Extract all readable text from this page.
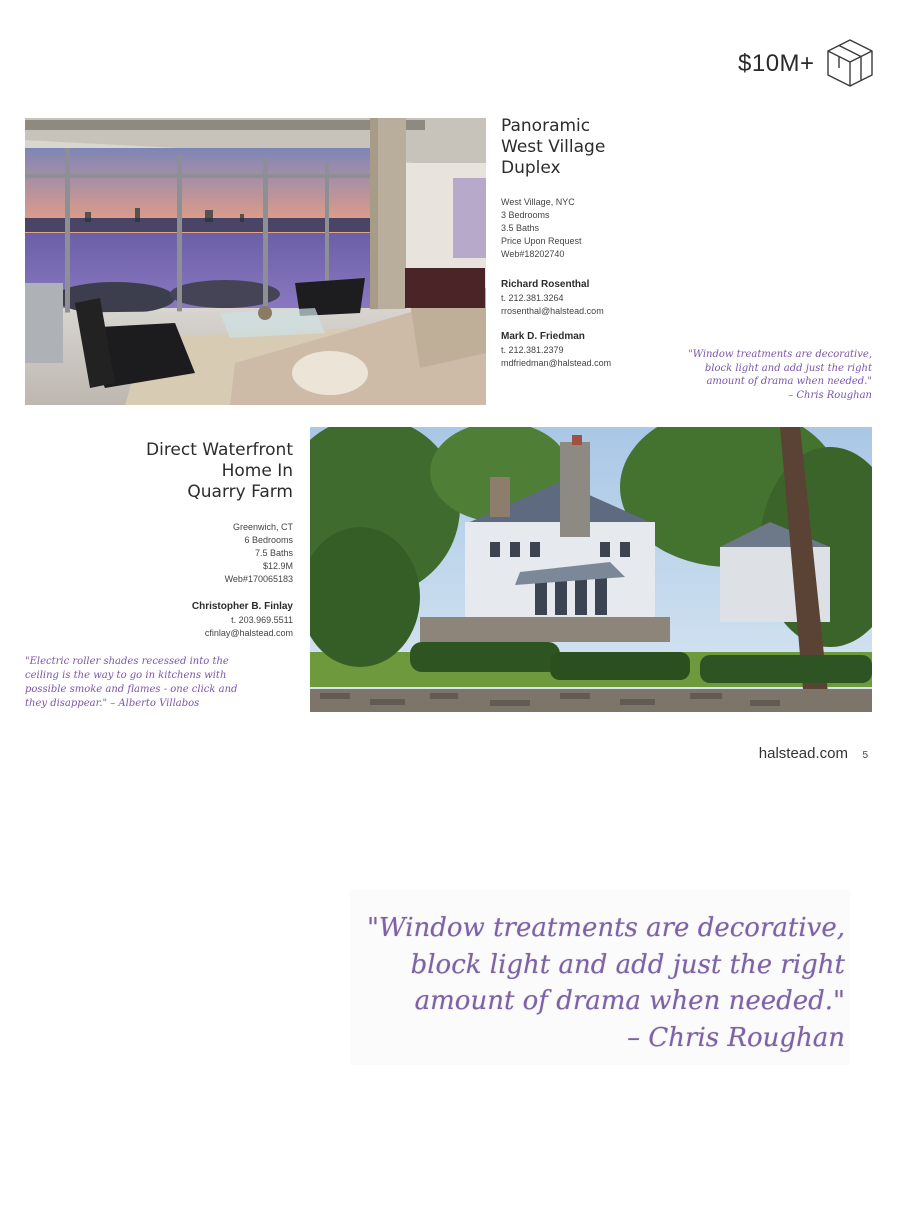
$10M+
Panoramic
West Village
Duplex
West Village, NYC
3 Bedrooms
3.5 Baths
Price Upon Request
Web#18202740
Richard Rosenthal
t. 212.381.3264
rrosenthal@halstead.com
Mark D. Friedman
t. 212.381.2379
mdfriedman@halstead.com
"Window treatments are decorative,
block light and add just the right
amount of drama when needed."
– Chris Roughan
Direct Waterfront
Home In
Quarry Farm
Greenwich, CT
6 Bedrooms
7.5 Baths
$12.9M
Web#170065183
Christopher B. Finlay
t. 203.969.5511
cfinlay@halstead.com
"Electric roller shades recessed into the
ceiling is the way to go in kitchens with
possible smoke and flames - one click and
they disappear." – Alberto Villabos
halstead.com 5
"Window treatments are decorative,
block light and add just the right
amount of drama when needed."
– Chris Roughan
